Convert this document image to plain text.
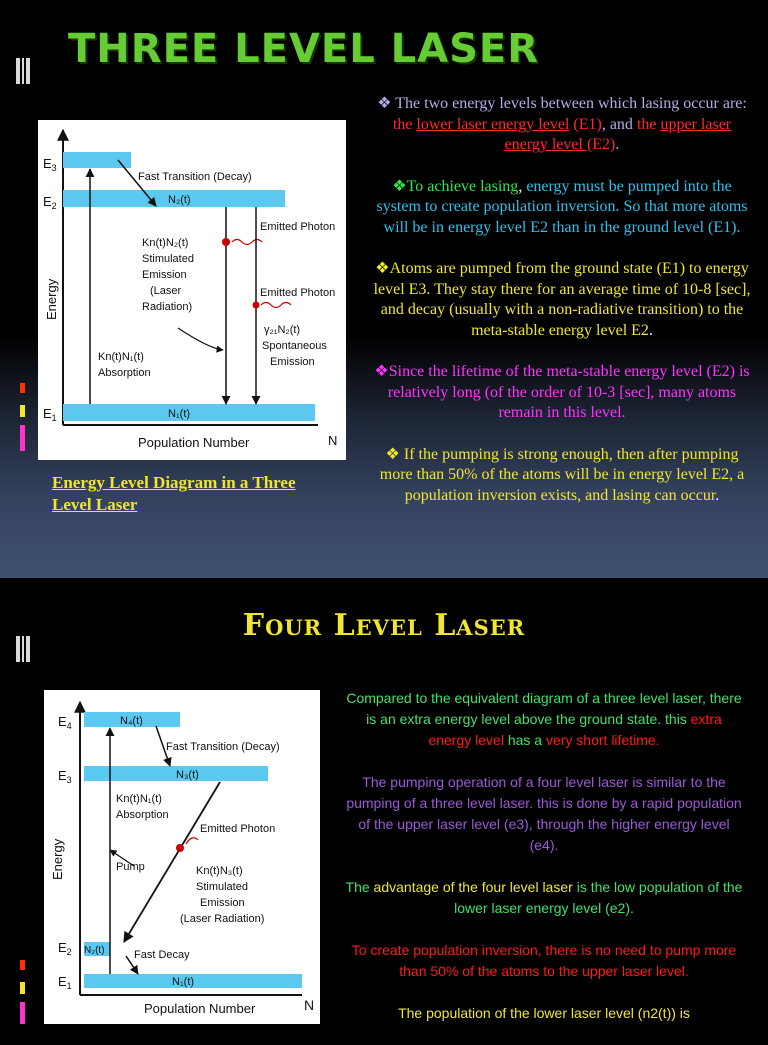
THREE LEVEL LASER
$E_3$
$E_2$
$E_1$
N₂(t)
N₁(t)
Energy
Population Number	N
Kn(t)N₁(t)
Absorption
Fast Transition (Decay)
Emitted Photon
Kn(t)N₂(t)
Stimulated
Emission
(Laser
Radiation)
Emitted Photon
γ₂₁N₂(t)
Spontaneous
Emission
Energy Level Diagram in a Three Level Laser

❖ The two energy levels between which lasing occur are: the lower laser energy level (E1), and the upper laser energy level (E2).

❖To achieve lasing, energy must be pumped into the system to create population inversion. So that more atoms will be in energy level E2 than in the ground level (E1).

❖Atoms are pumped from the ground state (E1) to energy level E3. They stay there for an average time of 10-8 [sec], and decay (usually with a non-radiative transition) to the meta-stable energy level E2.

❖Since the lifetime of the meta-stable energy level (E2) is relatively long (of the order of 10-3 [sec], many atoms remain in this level.

❖ If the pumping is strong enough, then after pumping more than 50% of the atoms will be in energy level E2, a population inversion exists, and lasing can occur.

Four Level Laser
$E_4$
$E_3$
$E_2$
$E_1$
N₄(t)
N₃(t)
N₂(t)
N₁(t)
Energy
Population Number	N
Kn(t)N₁(t)
Absorption
Fast Transition (Decay)
Pump
Emitted Photon
Kn(t)N₃(t)
Stimulated
Emission
(Laser Radiation)
Fast Decay

Compared to the equivalent diagram of a three level laser, there is an extra energy level above the ground state. this extra energy level has a very short lifetime.

The pumping operation of a four level laser is similar to the pumping of a three level laser. this is done by a rapid population of the upper laser level (e3), through the higher energy level (e4).

The advantage of the four level laser is the low population of the lower laser energy level (e2).

To create population inversion, there is no need to pump more than 50% of the atoms to the upper laser level.

The population of the lower laser level (n2(t)) is
